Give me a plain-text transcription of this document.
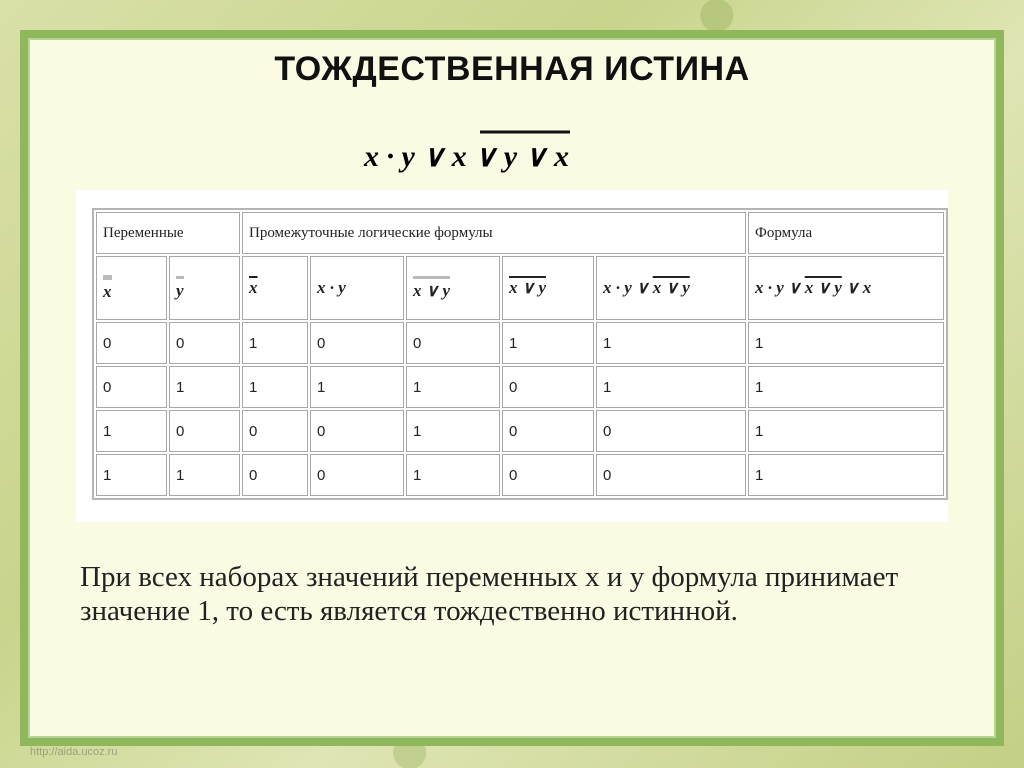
ТОЖДЕСТВЕННАЯ ИСТИНА
x · y ∨ x ∨ y ∨ x
Переменные		Промежуточные логические формулы					Формула
x	y	$\overline{x}$	x · y	x ∨ y	x ∨ y	x · y ∨ x ∨ y	x · y ∨ x ∨ y ∨ x
0	0	1	0	0	1	1	1
0	1	1	1	1	0	1	1
1	0	0	0	1	0	0	1
1	1	0	0	1	0	0	1
При всех наборах значений переменных x и y формула принимает значение 1, то есть является тождественно истинной.
http://aida.ucoz.ru
